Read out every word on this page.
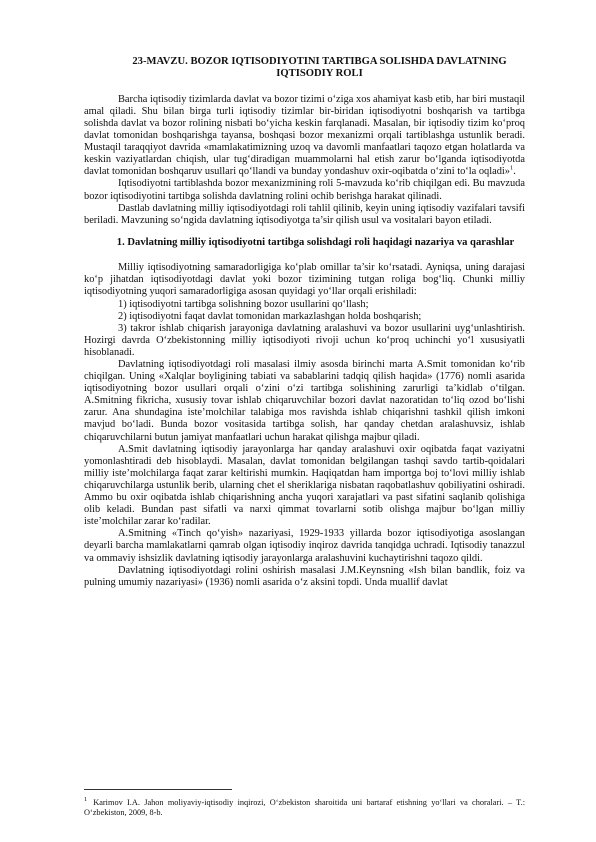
23-MAVZU. BOZOR IQTISODIYOTINI TARTIBGA SOLISHDA DAVLATNING IQTISODIY ROLI

Barcha iqtisodiy tizimlarda davlat va bozor tizimi o‘ziga xos ahamiyat kasb etib, har biri mustaqil amal qiladi. Shu bilan birga turli iqtisodiy tizimlar bir-biridan iqtisodiyotni boshqarish va tartibga solishda davlat va bozor rolining nisbati bo‘yicha keskin farqlanadi. Masalan, bir iqtisodiy tizim ko‘proq davlat tomonidan boshqarishga tayansa, boshqasi bozor mexanizmi orqali tartiblashga ustunlik beradi. Mustaqil taraqqiyot davrida «mamlakatimizning uzoq va davomli manfaatlari taqozo etgan holatlarda va keskin vaziyatlardan chiqish, ular tug‘diradigan muammolarni hal etish zarur bo‘lganda iqtisodiyotda davlat tomonidan boshqaruv usullari qo‘llandi va bunday yondashuv oxir-oqibatda o‘zini to‘la oqladi»$^1$.

Iqtisodiyotni tartiblashda bozor mexanizmining roli 5-mavzuda ko‘rib chiqilgan edi. Bu mavzuda bozor iqtisodiyotini tartibga solishda davlatning rolini ochib berishga harakat qilinadi.

Dastlab davlatning milliy iqtisodiyotdagi roli tahlil qilinib, keyin uning iqtisodiy vazifalari tavsifi beriladi. Mavzuning so‘ngida davlatning iqtisodiyotga ta’sir qilish usul va vositalari bayon etiladi.

1. Davlatning milliy iqtisodiyotni tartibga solishdagi roli haqidagi nazariya va qarashlar

Milliy iqtisodiyotning samaradorligiga ko‘plab omillar ta’sir ko‘rsatadi. Ayniqsa, uning darajasi ko‘p jihatdan iqtisodiyotdagi davlat yoki bozor tizimining tutgan roliga bog‘liq. Chunki milliy iqtisodiyotning yuqori samaradorligiga asosan quyidagi yo‘llar orqali erishiladi:

1) iqtisodiyotni tartibga solishning bozor usullarini qo‘llash;

2) iqtisodiyotni faqat davlat tomonidan markazlashgan holda boshqarish;

3) takror ishlab chiqarish jarayoniga davlatning aralashuvi va bozor usullarini uyg‘unlashtirish. Hozirgi davrda O‘zbekistonning milliy iqtisodiyoti rivoji uchun ko‘proq uchinchi yo‘l xususiyatli hisoblanadi.

Davlatning iqtisodiyotdagi roli masalasi ilmiy asosda birinchi marta A.Smit tomonidan ko‘rib chiqilgan. Uning «Xalqlar boyligining tabiati va sabablarini tadqiq qilish haqida» (1776) nomli asarida iqtisodiyotning bozor usullari orqali o‘zini o‘zi tartibga solishining zarurligi ta’kidlab o‘tilgan. A.Smitning fikricha, xususiy tovar ishlab chiqaruvchilar bozori davlat nazoratidan to‘liq ozod bo‘lishi zarur. Ana shundagina iste’molchilar talabiga mos ravishda ishlab chiqarishni tashkil qilish imkoni mavjud bo‘ladi. Bunda bozor vositasida tartibga solish, har qanday chetdan aralashuvsiz, ishlab chiqaruvchilarni butun jamiyat manfaatlari uchun harakat qilishga majbur qiladi.

A.Smit davlatning iqtisodiy jarayonlarga har qanday aralashuvi oxir oqibatda faqat vaziyatni yomonlashtiradi deb hisoblaydi. Masalan, davlat tomonidan belgilangan tashqi savdo tartib-qoidalari milliy iste’molchilarga faqat zarar keltirishi mumkin. Haqiqatdan ham importga boj to‘lovi milliy ishlab chiqaruvchilarga ustunlik berib, ularning chet el sheriklariga nisbatan raqobatlashuv qobiliyatini oshiradi. Ammo bu oxir oqibatda ishlab chiqarishning ancha yuqori xarajatlari va past sifatini saqlanib qolishiga olib keladi. Bundan past sifatli va narxi qimmat tovarlarni sotib olishga majbur bo‘lgan milliy iste’molchilar zarar ko‘radilar.

A.Smitning «Tinch qo‘yish» nazariyasi, 1929-1933 yillarda bozor iqtisodiyotiga asoslangan deyarli barcha mamlakatlarni qamrab olgan iqtisodiy inqiroz davrida tanqidga uchradi. Iqtisodiy tanazzul va ommaviy ishsizlik davlatning iqtisodiy jarayonlarga aralashuvini kuchaytirishni taqozo qildi.

Davlatning iqtisodiyotdagi rolini oshirish masalasi J.M.Keynsning «Ish bilan bandlik, foiz va pulning umumiy nazariyasi» (1936) nomli asarida o‘z aksini topdi. Unda muallif davlat

$^1$ Karimov I.A. Jahon moliyaviy-iqtisodiy inqirozi, O‘zbekiston sharoitida uni bartaraf etishning yo‘llari va choralari. – T.: O‘zbekiston, 2009, 8-b.
